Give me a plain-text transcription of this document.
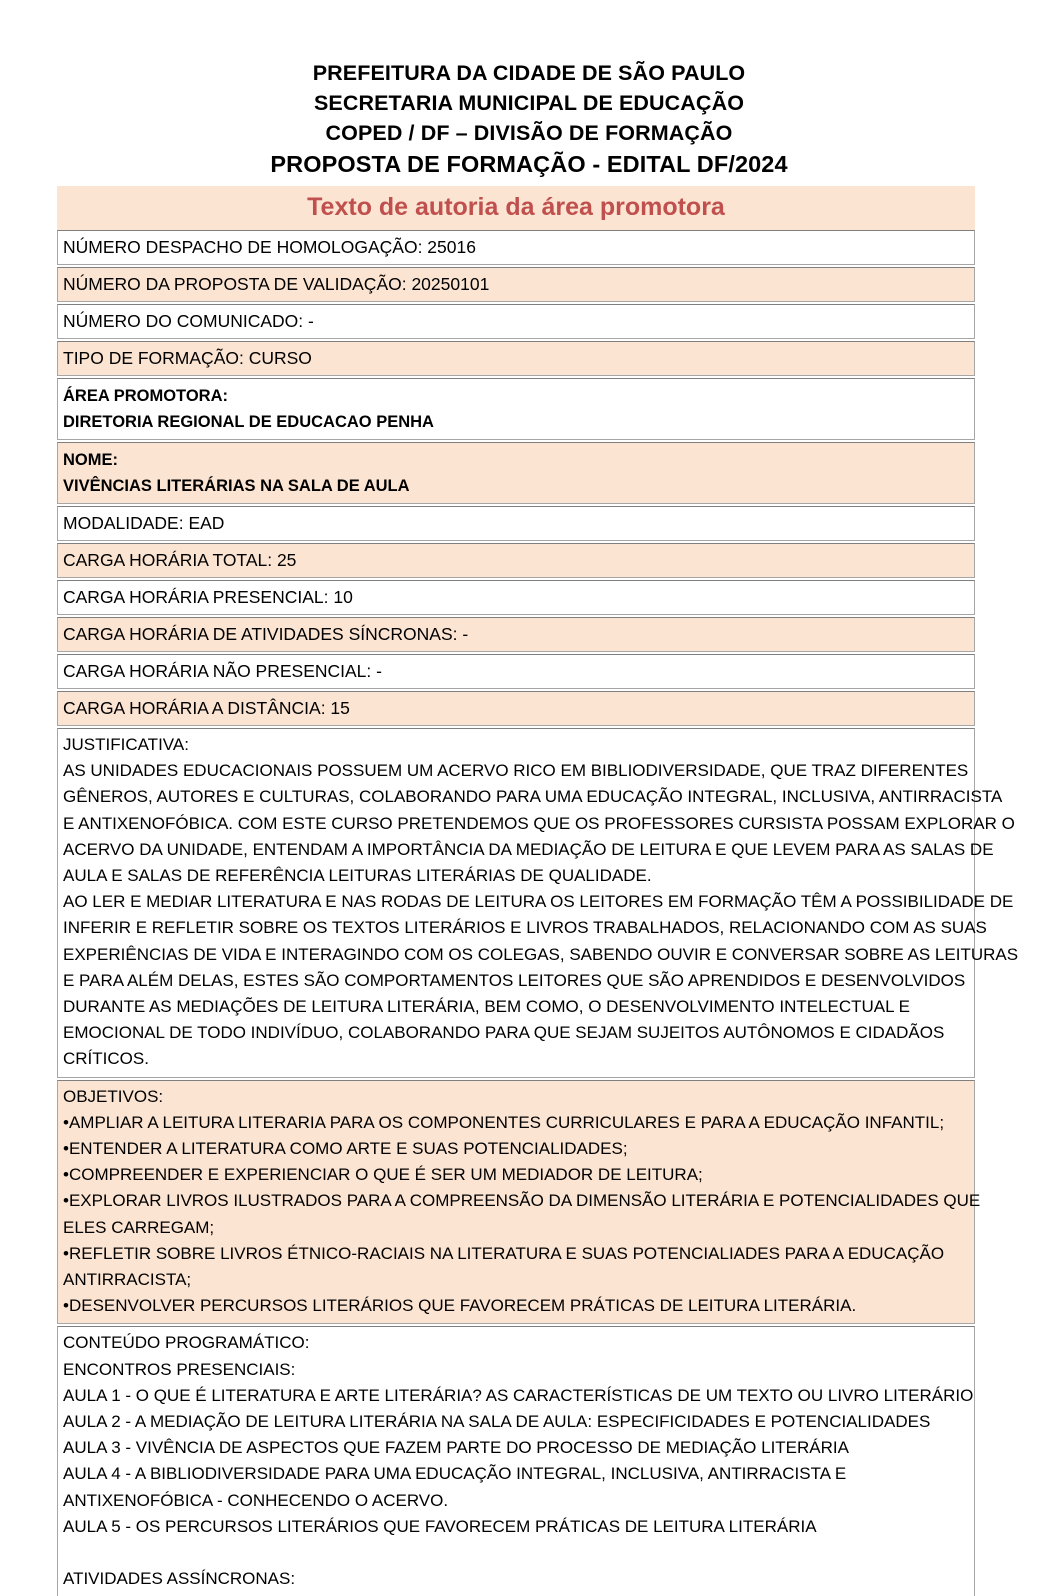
PREFEITURA DA CIDADE DE SÃO PAULO
SECRETARIA MUNICIPAL DE EDUCAÇÃO
COPED / DF – DIVISÃO DE FORMAÇÃO
PROPOSTA DE FORMAÇÃO - EDITAL DF/2024
Texto de autoria da área promotora
NÚMERO DESPACHO DE HOMOLOGAÇÃO: 25016
NÚMERO DA PROPOSTA DE VALIDAÇÃO: 20250101
NÚMERO DO COMUNICADO: -
TIPO DE FORMAÇÃO: CURSO
ÁREA PROMOTORA:
DIRETORIA REGIONAL DE EDUCACAO PENHA
NOME:
VIVÊNCIAS LITERÁRIAS NA SALA DE AULA
MODALIDADE: EAD
CARGA HORÁRIA TOTAL: 25
CARGA HORÁRIA PRESENCIAL: 10
CARGA HORÁRIA DE ATIVIDADES SÍNCRONAS: -
CARGA HORÁRIA NÃO PRESENCIAL: -
CARGA HORÁRIA A DISTÂNCIA: 15
JUSTIFICATIVA:
AS UNIDADES EDUCACIONAIS POSSUEM UM ACERVO RICO EM BIBLIODIVERSIDADE, QUE TRAZ DIFERENTES
GÊNEROS, AUTORES E CULTURAS, COLABORANDO PARA UMA EDUCAÇÃO INTEGRAL, INCLUSIVA, ANTIRRACISTA
E ANTIXENOFÓBICA. COM ESTE CURSO PRETENDEMOS QUE OS PROFESSORES CURSISTA POSSAM EXPLORAR O
ACERVO DA UNIDADE, ENTENDAM A IMPORTÂNCIA DA MEDIAÇÃO DE LEITURA E QUE LEVEM PARA AS SALAS DE
AULA E SALAS DE REFERÊNCIA LEITURAS LITERÁRIAS DE QUALIDADE.
AO LER E MEDIAR LITERATURA E NAS RODAS DE LEITURA OS LEITORES EM FORMAÇÃO TÊM A POSSIBILIDADE DE
INFERIR E REFLETIR SOBRE OS TEXTOS LITERÁRIOS E LIVROS TRABALHADOS, RELACIONANDO COM AS SUAS
EXPERIÊNCIAS DE VIDA E INTERAGINDO COM OS COLEGAS, SABENDO OUVIR E CONVERSAR SOBRE AS LEITURAS
E PARA ALÉM DELAS, ESTES SÃO COMPORTAMENTOS LEITORES QUE SÃO APRENDIDOS E DESENVOLVIDOS
DURANTE AS MEDIAÇÕES DE LEITURA LITERÁRIA, BEM COMO, O DESENVOLVIMENTO INTELECTUAL E
EMOCIONAL DE TODO INDIVÍDUO, COLABORANDO PARA QUE SEJAM SUJEITOS AUTÔNOMOS E CIDADÃOS
CRÍTICOS.
OBJETIVOS:
•AMPLIAR A LEITURA LITERARIA PARA OS COMPONENTES CURRICULARES E PARA A EDUCAÇÃO INFANTIL;
•ENTENDER A LITERATURA COMO ARTE E SUAS POTENCIALIDADES;
•COMPREENDER E EXPERIENCIAR O QUE É SER UM MEDIADOR DE LEITURA;
•EXPLORAR LIVROS ILUSTRADOS PARA A COMPREENSÃO DA DIMENSÃO LITERÁRIA E POTENCIALIDADES QUE
ELES CARREGAM;
•REFLETIR SOBRE LIVROS ÉTNICO-RACIAIS NA LITERATURA E SUAS POTENCIALIADES PARA A EDUCAÇÃO
ANTIRRACISTA;
•DESENVOLVER PERCURSOS LITERÁRIOS QUE FAVORECEM PRÁTICAS DE LEITURA LITERÁRIA.
CONTEÚDO PROGRAMÁTICO:
ENCONTROS PRESENCIAIS:
AULA 1 - O QUE É LITERATURA E ARTE LITERÁRIA? AS CARACTERÍSTICAS DE UM TEXTO OU LIVRO LITERÁRIO
AULA 2 - A MEDIAÇÃO DE LEITURA LITERÁRIA NA SALA DE AULA: ESPECIFICIDADES E POTENCIALIDADES
AULA 3 - VIVÊNCIA DE ASPECTOS QUE FAZEM PARTE DO PROCESSO DE MEDIAÇÃO LITERÁRIA
AULA 4 - A BIBLIODIVERSIDADE PARA UMA EDUCAÇÃO INTEGRAL, INCLUSIVA, ANTIRRACISTA E
ANTIXENOFÓBICA - CONHECENDO O ACERVO.
AULA 5 - OS PERCURSOS LITERÁRIOS QUE FAVORECEM PRÁTICAS DE LEITURA LITERÁRIA
ATIVIDADES ASSÍNCRONAS:
